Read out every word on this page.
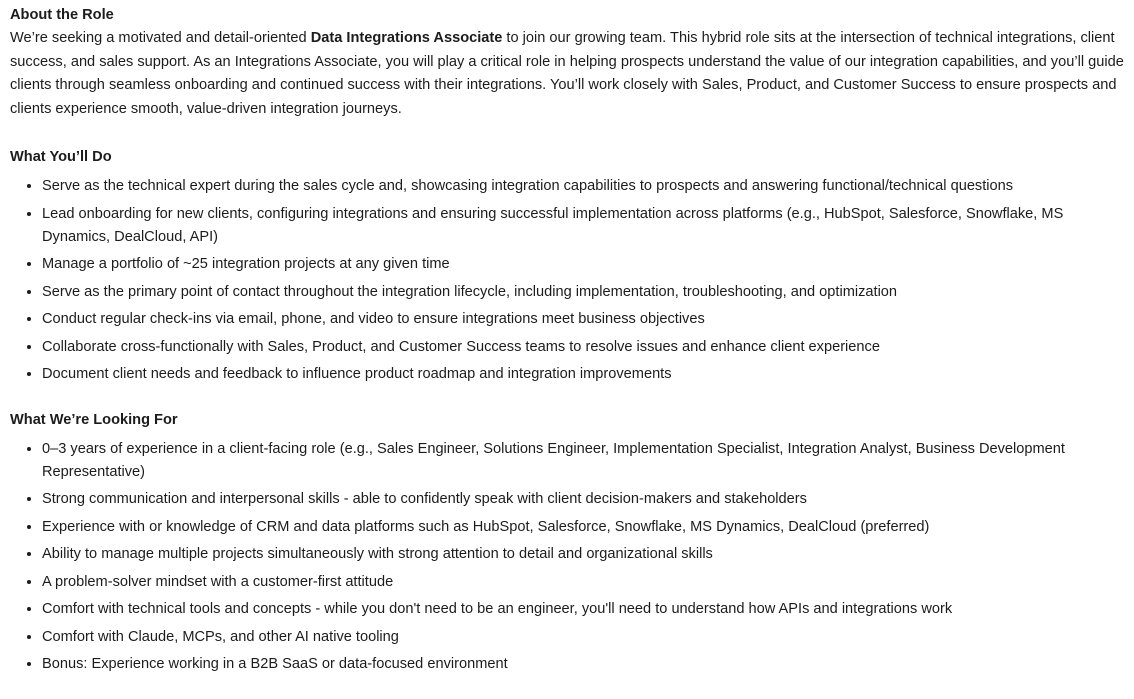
About the Role

We’re seeking a motivated and detail-oriented Data Integrations Associate to join our growing team. This hybrid role sits at the intersection of technical integrations, client success, and sales support. As an Integrations Associate, you will play a critical role in helping prospects understand the value of our integration capabilities, and you’ll guide clients through seamless onboarding and continued success with their integrations. You’ll work closely with Sales, Product, and Customer Success to ensure prospects and clients experience smooth, value-driven integration journeys.

What You’ll Do
• Serve as the technical expert during the sales cycle and, showcasing integration capabilities to prospects and answering functional/technical questions
• Lead onboarding for new clients, configuring integrations and ensuring successful implementation across platforms (e.g., HubSpot, Salesforce, Snowflake, MS Dynamics, DealCloud, API)
• Manage a portfolio of ~25 integration projects at any given time
• Serve as the primary point of contact throughout the integration lifecycle, including implementation, troubleshooting, and optimization
• Conduct regular check-ins via email, phone, and video to ensure integrations meet business objectives
• Collaborate cross-functionally with Sales, Product, and Customer Success teams to resolve issues and enhance client experience
• Document client needs and feedback to influence product roadmap and integration improvements
What We’re Looking For
• 0–3 years of experience in a client-facing role (e.g., Sales Engineer, Solutions Engineer, Implementation Specialist, Integration Analyst, Business Development Representative)
• Strong communication and interpersonal skills - able to confidently speak with client decision-makers and stakeholders
• Experience with or knowledge of CRM and data platforms such as HubSpot, Salesforce, Snowflake, MS Dynamics, DealCloud (preferred)
• Ability to manage multiple projects simultaneously with strong attention to detail and organizational skills
• A problem-solver mindset with a customer-first attitude
• Comfort with technical tools and concepts - while you don't need to be an engineer, you'll need to understand how APIs and integrations work
• Comfort with Claude, MCPs, and other AI native tooling
• Bonus: Experience working in a B2B SaaS or data-focused environment
